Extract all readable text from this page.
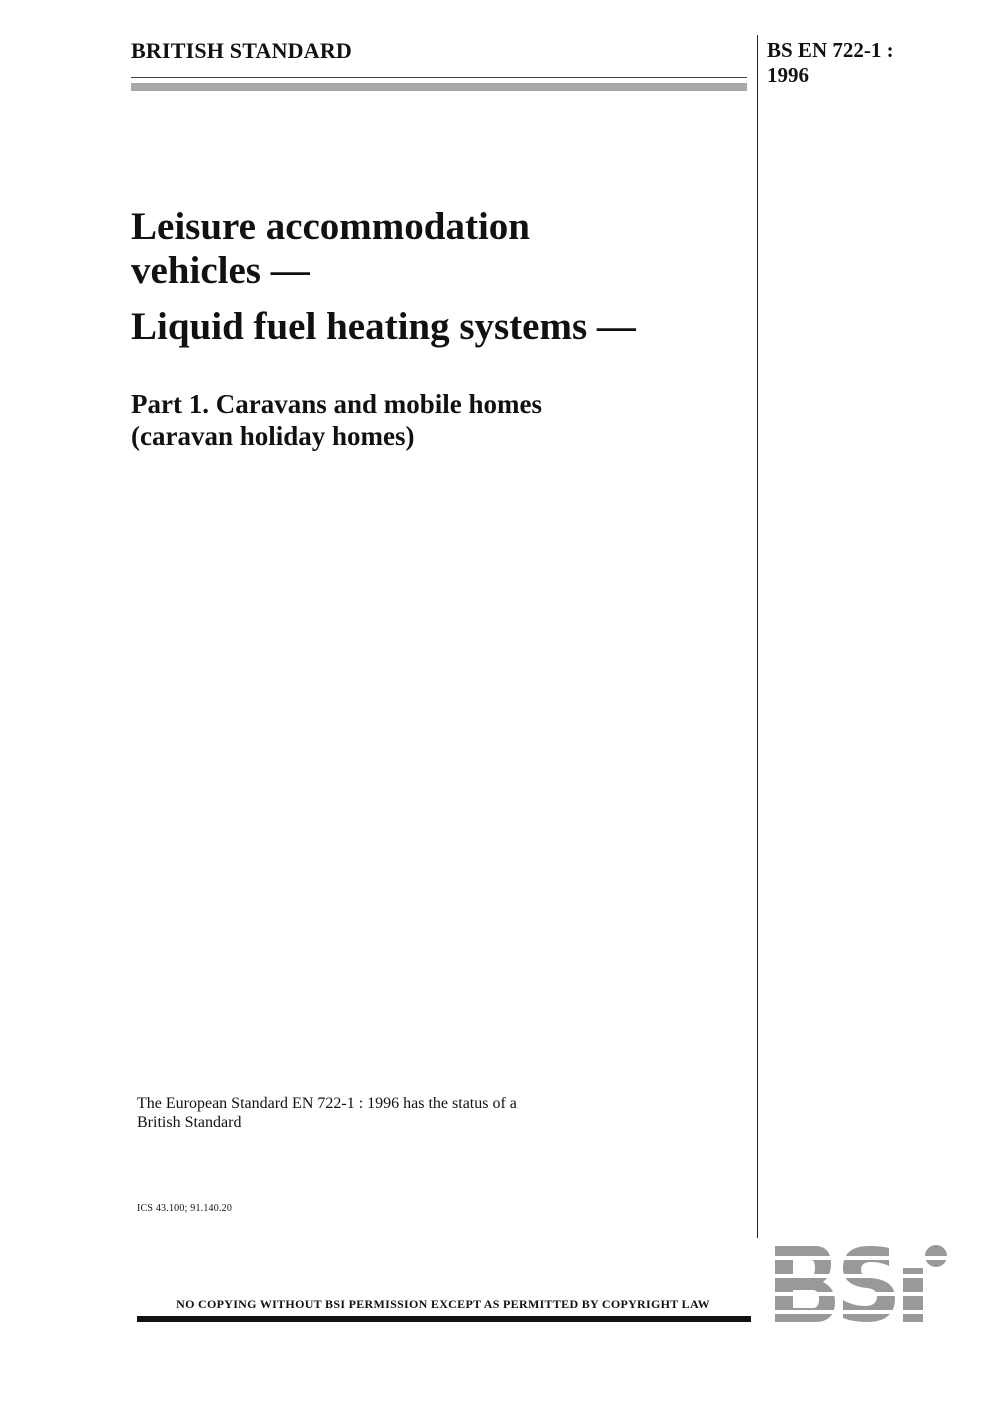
BRITISH STANDARD	BS EN 722-1 :
1996
Leisure accommodation
vehicles —
Liquid fuel heating systems —
Part 1. Caravans and mobile homes
(caravan holiday homes)
The European Standard EN 722-1 : 1996 has the status of a
British Standard
ICS 43.100; 91.140.20
NO COPYING WITHOUT BSI PERMISSION EXCEPT AS PERMITTED BY COPYRIGHT LAW
